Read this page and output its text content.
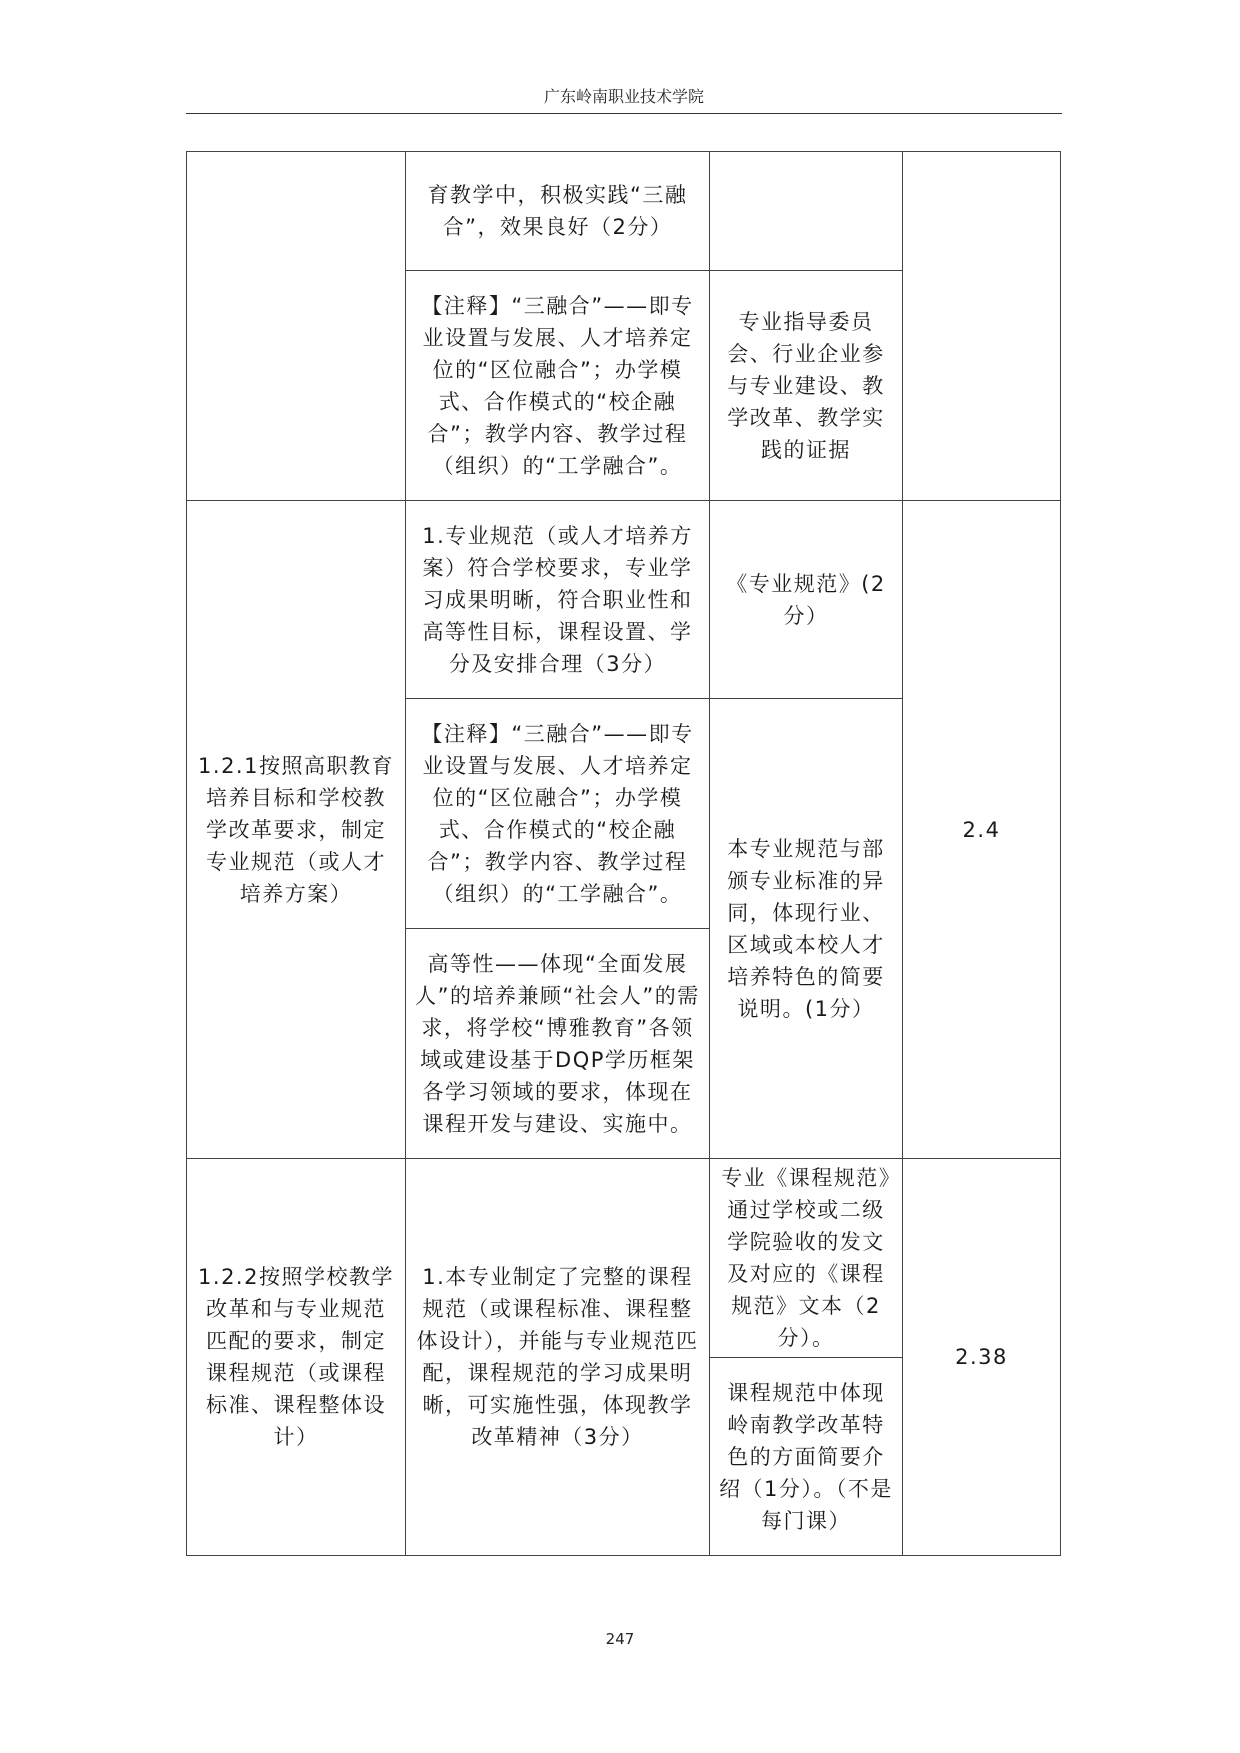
广东岭南职业技术学院
	育教学中，积极实践“三融合”，效果良好（2分）		
	【注释】“三融合”——即专业设置与发展、人才培养定位的“区位融合”；办学模式、合作模式的“校企融合”；教学内容、教学过程（组织）的“工学融合”。	专业指导委员会、行业企业参与专业建设、教学改革、教学实践的证据	
1.2.1按照高职教育培养目标和学校教学改革要求，制定专业规范（或人才培养方案）	1.专业规范（或人才培养方案）符合学校要求，专业学习成果明晰，符合职业性和高等性目标，课程设置、学分及安排合理（3分）	《专业规范》(2分）	2.4
	【注释】“三融合”——即专业设置与发展、人才培养定位的“区位融合”；办学模式、合作模式的“校企融合”；教学内容、教学过程（组织）的“工学融合”。	本专业规范与部颁专业标准的异同，体现行业、区域或本校人才培养特色的简要说明。(1分）	
	高等性——体现“全面发展人”的培养兼顾“社会人”的需求，将学校“博雅教育”各领域或建设基于DQP学历框架各学习领域的要求，体现在课程开发与建设、实施中。		
1.2.2按照学校教学改革和与专业规范匹配的要求，制定课程规范（或课程标准、课程整体设计）	1.本专业制定了完整的课程规范（或课程标准、课程整体设计），并能与专业规范匹配，课程规范的学习成果明晰，可实施性强，体现教学改革精神（3分）	专业《课程规范》通过学校或二级学院验收的发文及对应的《课程规范》文本（2分）。	2.38
		课程规范中体现岭南教学改革特色的方面简要介绍（1分）。（不是每门课）	
247
